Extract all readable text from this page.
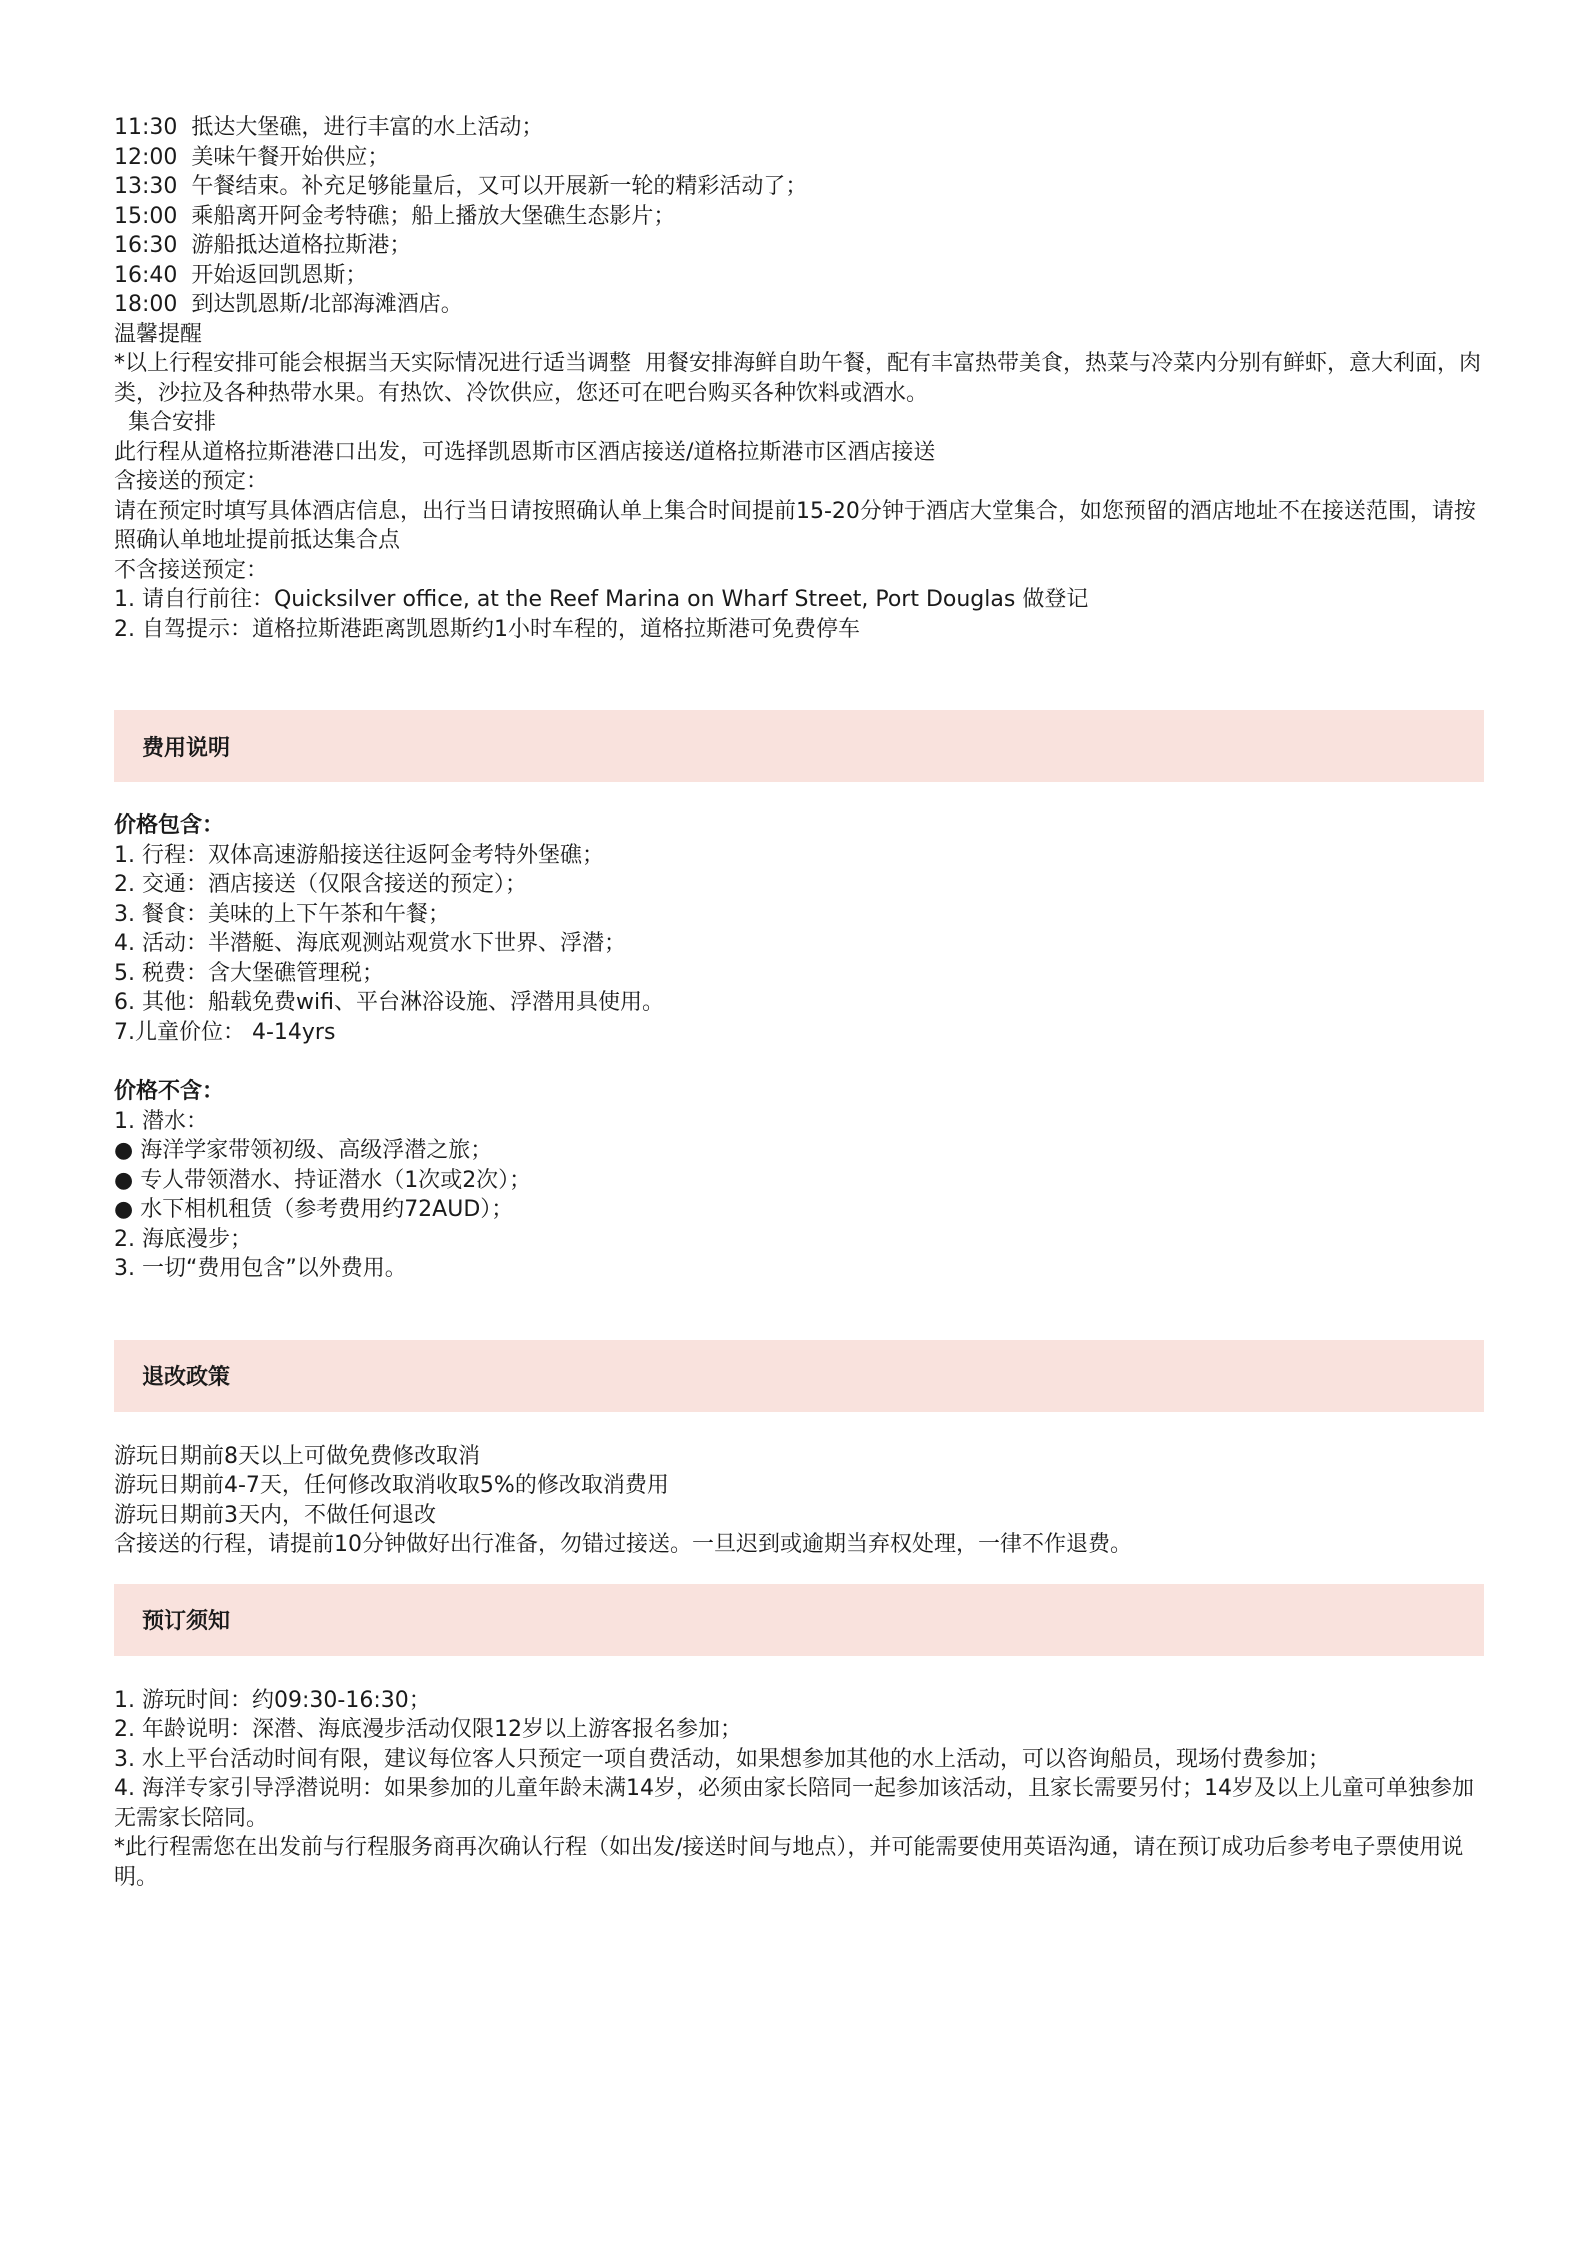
11:30  抵达大堡礁，进行丰富的水上活动；

12:00  美味午餐开始供应；

13:30  午餐结束。补充足够能量后，又可以开展新一轮的精彩活动了；

15:00  乘船离开阿金考特礁；船上播放大堡礁生态影片；

16:30  游船抵达道格拉斯港；

16:40  开始返回凯恩斯；

18:00  到达凯恩斯/北部海滩酒店。

温馨提醒

*以上行程安排可能会根据当天实际情况进行适当调整  用餐安排海鲜自助午餐，配有丰富热带美食，热菜与冷菜内分别有鲜虾，意大利面，肉类，沙拉及各种热带水果。有热饮、冷饮供应，您还可在吧台购买各种饮料或酒水。

集合安排

此行程从道格拉斯港港口出发，可选择凯恩斯市区酒店接送/道格拉斯港市区酒店接送

含接送的预定：

请在预定时填写具体酒店信息，出行当日请按照确认单上集合时间提前15-20分钟于酒店大堂集合，如您预留的酒店地址不在接送范围，请按照确认单地址提前抵达集合点

不含接送预定：

1. 请自行前往：Quicksilver office, at the Reef Marina on Wharf Street, Port Douglas 做登记

2. 自驾提示：道格拉斯港距离凯恩斯约1小时车程的，道格拉斯港可免费停车

费用说明

价格包含：

1. 行程：双体高速游船接送往返阿金考特外堡礁；

2. 交通：酒店接送（仅限含接送的预定）；

3. 餐食：美味的上下午茶和午餐；

4. 活动：半潜艇、海底观测站观赏水下世界、浮潜；

5. 税费：含大堡礁管理税；

6. 其他：船载免费wifi、平台淋浴设施、浮潜用具使用。

7.儿童价位： 4-14yrs

价格不含：

1. 潜水：

● 海洋学家带领初级、高级浮潜之旅；

● 专人带领潜水、持证潜水（1次或2次）；

● 水下相机租赁（参考费用约72AUD）；

2. 海底漫步；

3. 一切“费用包含”以外费用。

退改政策

游玩日期前8天以上可做免费修改取消

游玩日期前4-7天，任何修改取消收取5%的修改取消费用

游玩日期前3天内，不做任何退改

含接送的行程，请提前10分钟做好出行准备，勿错过接送。一旦迟到或逾期当弃权处理，一律不作退费。

预订须知

1. 游玩时间：约09:30-16:30；

2. 年龄说明：深潜、海底漫步活动仅限12岁以上游客报名参加；

3. 水上平台活动时间有限，建议每位客人只预定一项自费活动，如果想参加其他的水上活动，可以咨询船员，现场付费参加；

4. 海洋专家引导浮潜说明：如果参加的儿童年龄未满14岁，必须由家长陪同一起参加该活动，且家长需要另付；14岁及以上儿童可单独参加无需家长陪同。

*此行程需您在出发前与行程服务商再次确认行程（如出发/接送时间与地点），并可能需要使用英语沟通，请在预订成功后参考电子票使用说明。
